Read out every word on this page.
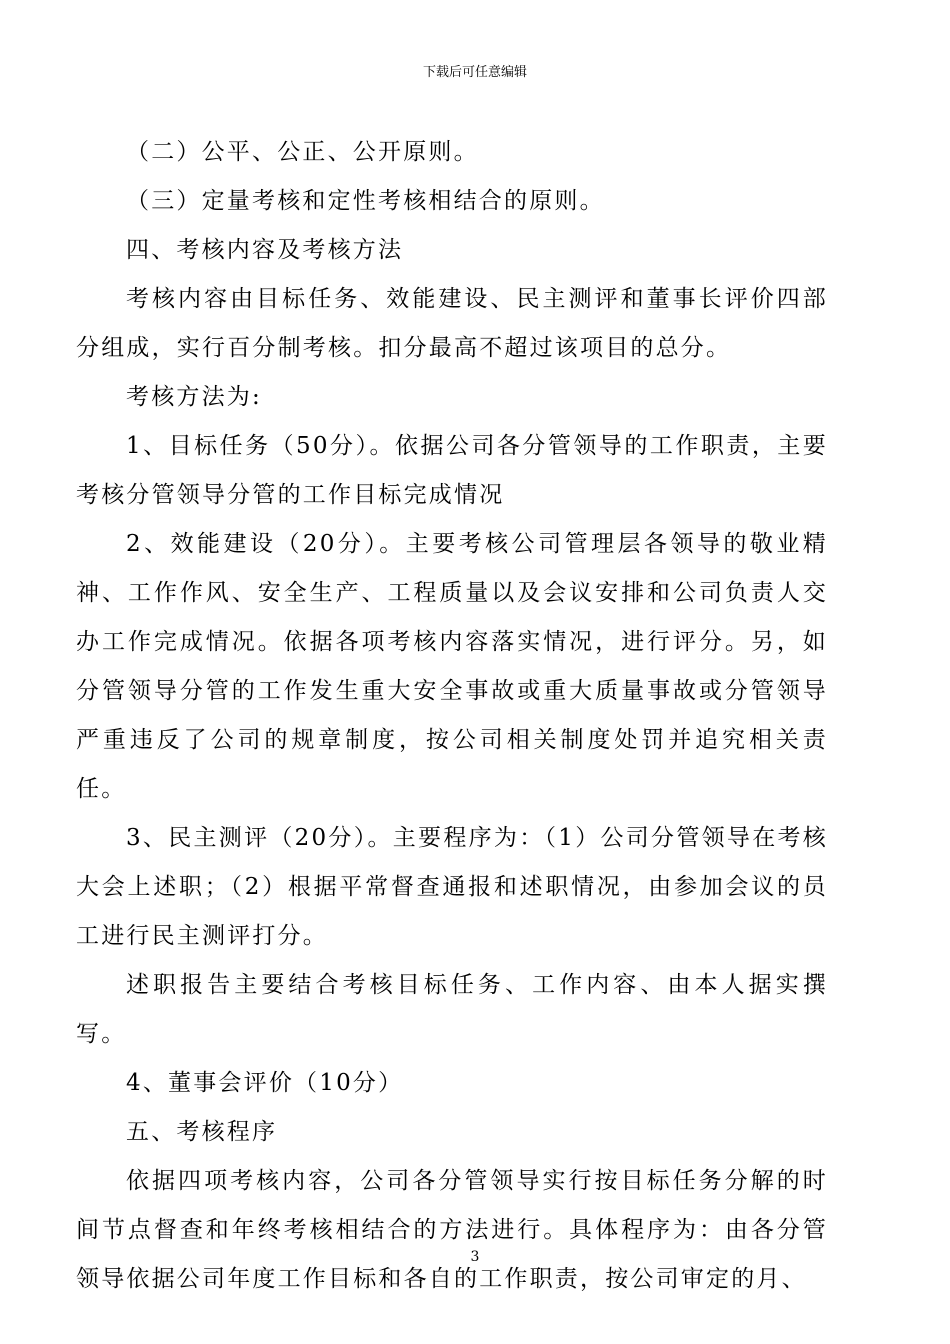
下载后可任意编辑

（二）公平、公正、公开原则。

（三）定量考核和定性考核相结合的原则。

四、考核内容及考核方法

考核内容由目标任务、效能建设、民主测评和董事长评价四部分组成，实行百分制考核。扣分最高不超过该项目的总分。

考核方法为:

1、目标任务（50分）。依据公司各分管领导的工作职责，主要考核分管领导分管的工作目标完成情况

2、效能建设（20分）。主要考核公司管理层各领导的敬业精神、工作作风、安全生产、工程质量以及会议安排和公司负责人交办工作完成情况。依据各项考核内容落实情况，进行评分。另，如分管领导分管的工作发生重大安全事故或重大质量事故或分管领导严重违反了公司的规章制度，按公司相关制度处罚并追究相关责任。

3、民主测评（20分）。主要程序为：（1）公司分管领导在考核大会上述职；（2）根据平常督查通报和述职情况，由参加会议的员工进行民主测评打分。

述职报告主要结合考核目标任务、工作内容、由本人据实撰写。

4、董事会评价（10分）

五、考核程序

依据四项考核内容，公司各分管领导实行按目标任务分解的时间节点督查和年终考核相结合的方法进行。具体程序为：由各分管领导依据公司年度工作目标和各自的工作职责，按公司审定的月、

3
